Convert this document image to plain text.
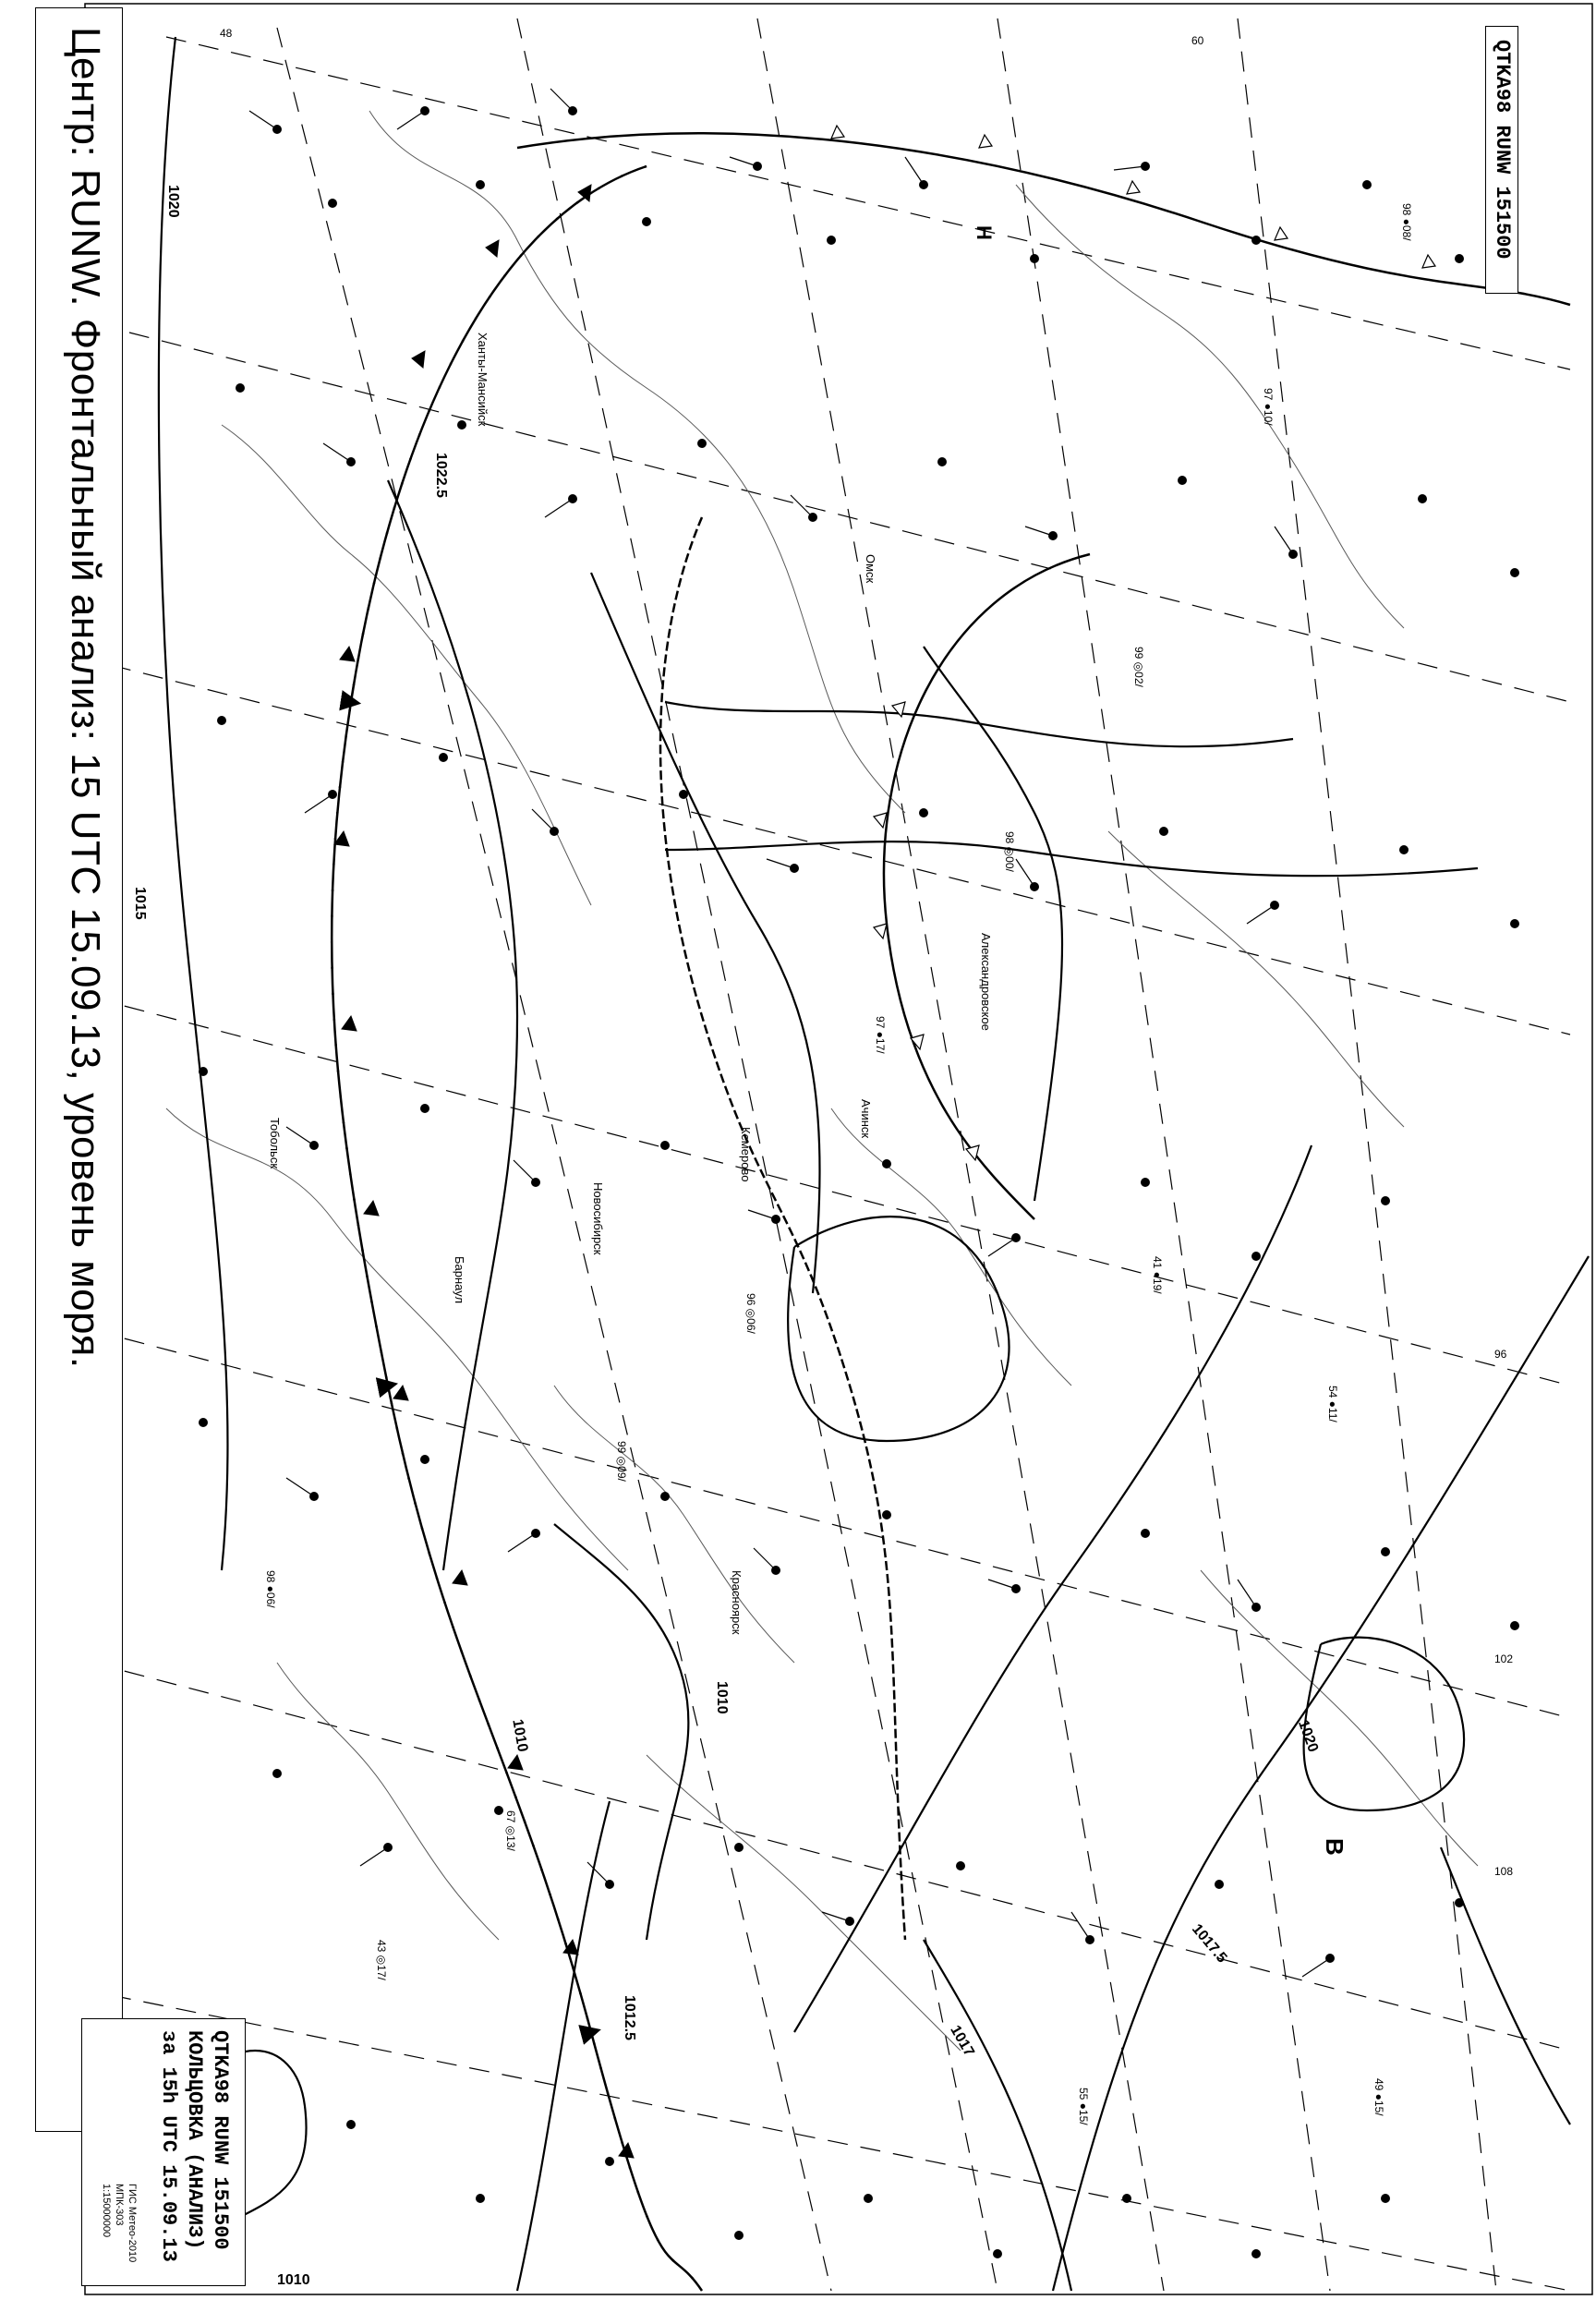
48
60
96
102
108
В
Н
1020
1022.5
1015
1010
1017.5
1017
1010
1020
1012.5
1010
Омск
Ханты-Мансийск
Новосибирск
Красноярск
Барнаул
Александровское
Ачинск
Тобольск	Кемерово
98 ●08/
97 ●10/
99 ◎02/
98 ◎00/
97 ●17/
96 ◎06/
99 ◎09/
41 ●19/
54 ●11/
67 ◎13/
43 ◎17/
55 ●15/	49 ●15/
98 ●06/
Центр: RUNW. Фронтальный анализ: 15 UTC 15.09.13, уровень моря.	QTKA98 RUNW 151500
QTKA98 RUNW 151500
КОЛЬЦОВКА (АНАЛИЗ)
за 15h UTC 15.09.13
ГИС Метео-2010
МПК-303
1:15000000
